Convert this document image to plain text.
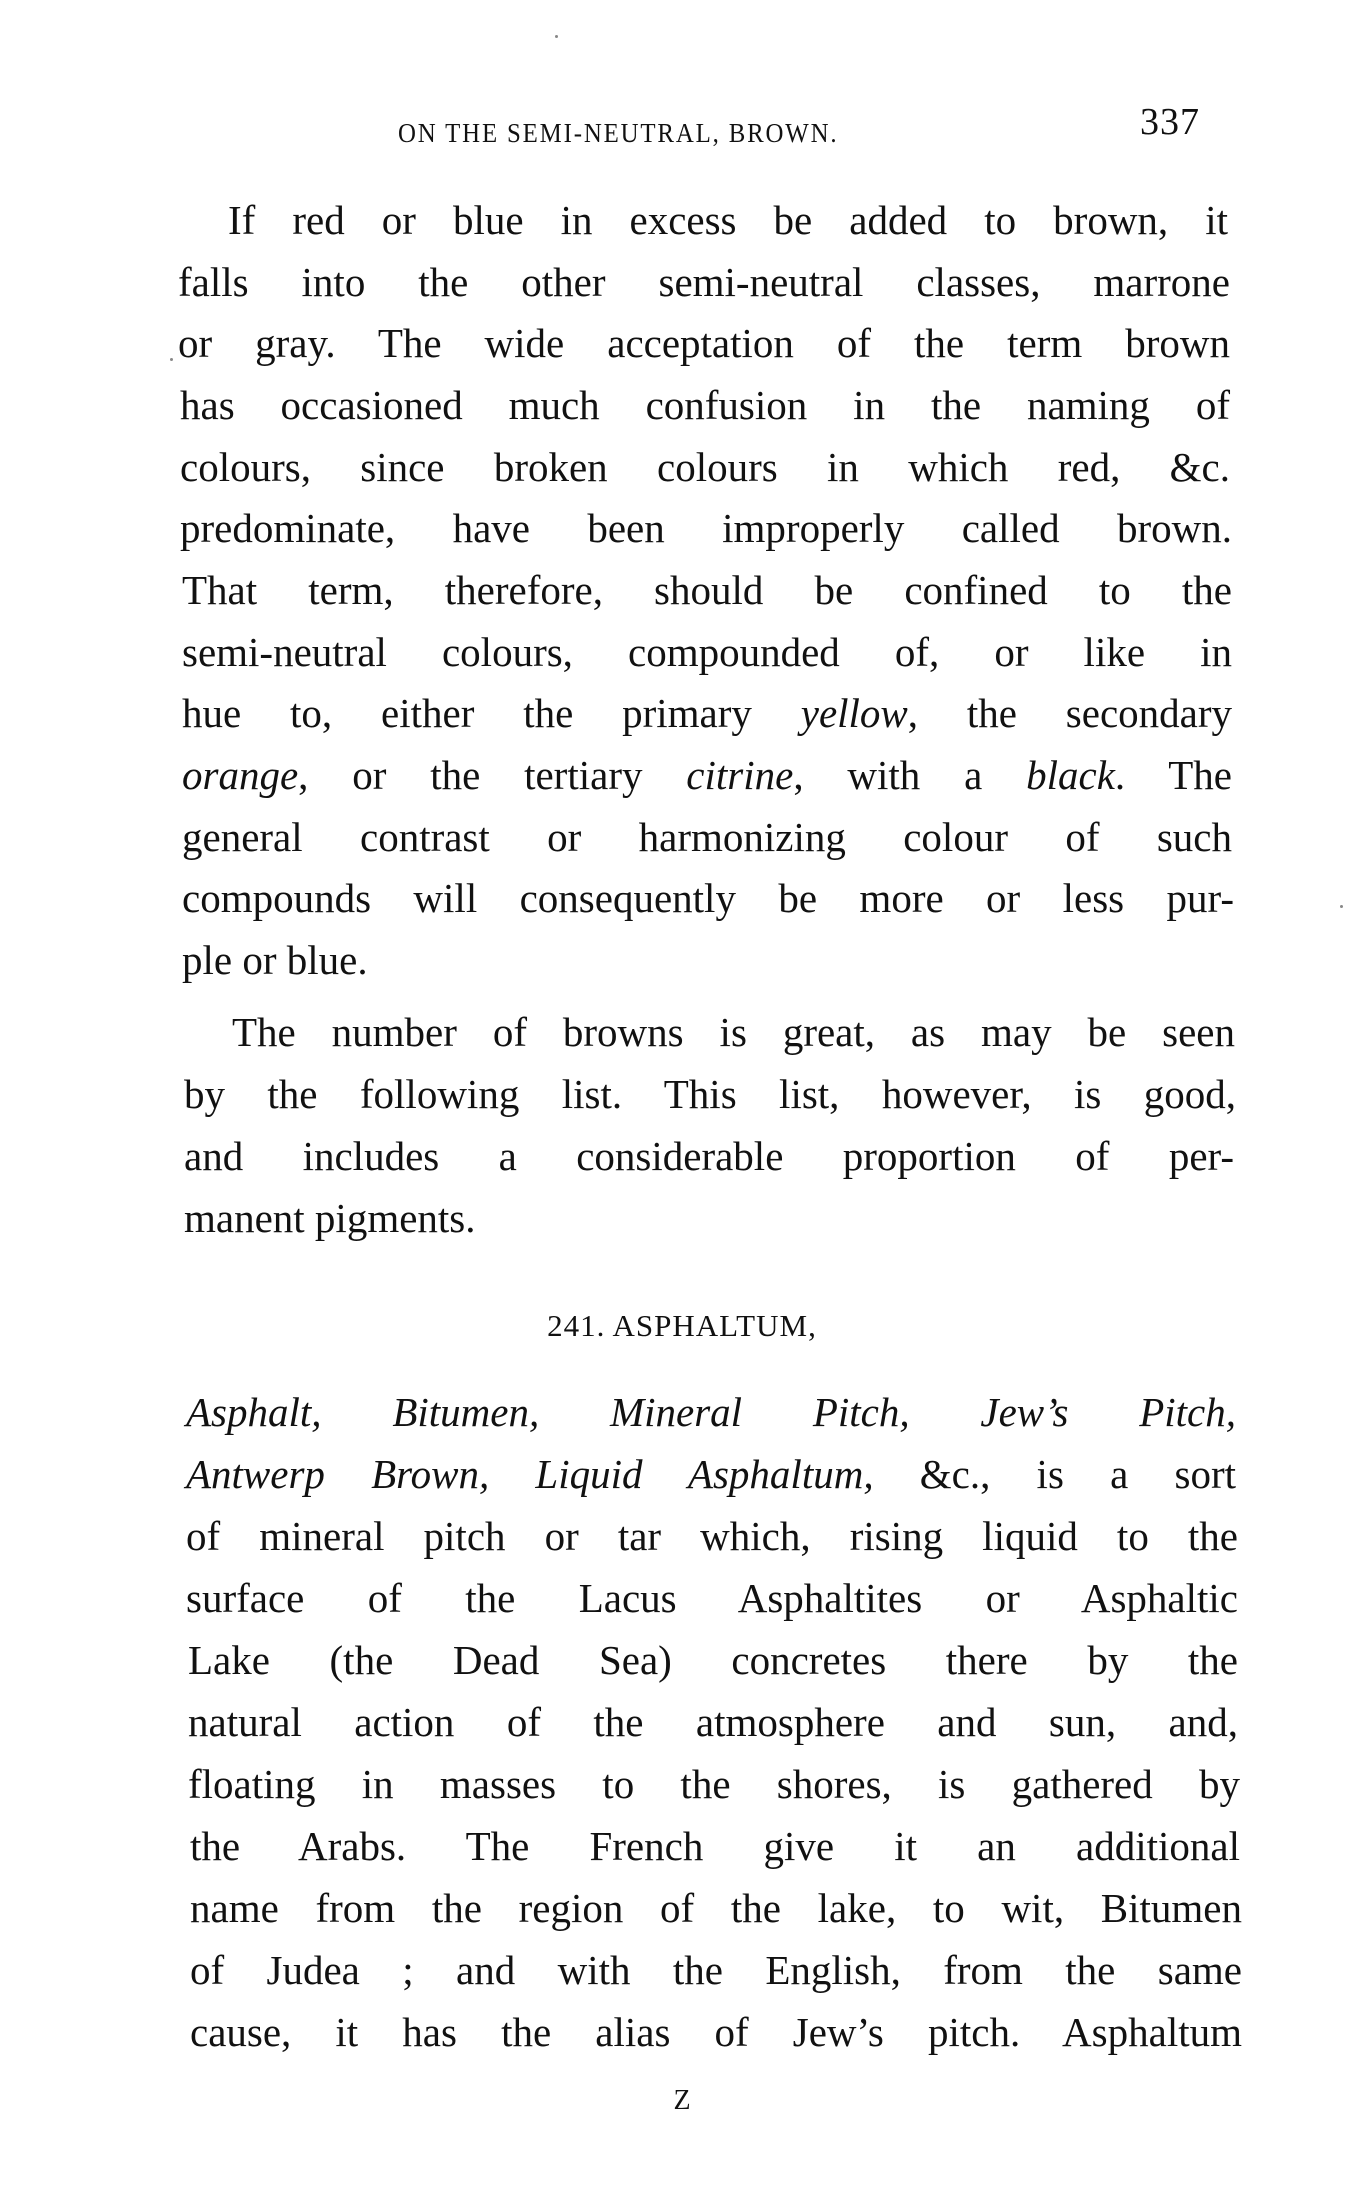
ON THE SEMI-NEUTRAL, BROWN.	337
If red or blue in excess be added to brown, it
falls into the other semi-neutral classes, marrone
or gray. The wide acceptation of the term brown
has occasioned much confusion in the naming of
colours, since broken colours in which red, &c.
predominate, have been improperly called brown.
That term, therefore, should be confined to the
semi-neutral colours, compounded of, or like in
hue to, either the primary yellow, the secondary
orange, or the tertiary citrine, with a black. The
general contrast or harmonizing colour of such
compounds will consequently be more or less pur-
ple or blue.
The number of browns is great, as may be seen
by the following list. This list, however, is good,
and includes a considerable proportion of per-
manent pigments.
241. ASPHALTUM,
Asphalt, Bitumen, Mineral Pitch, Jew’s Pitch,
Antwerp Brown, Liquid Asphaltum, &c., is a sort
of mineral pitch or tar which, rising liquid to the
surface of the Lacus Asphaltites or Asphaltic
Lake (the Dead Sea) concretes there by the
natural action of the atmosphere and sun, and,
floating in masses to the shores, is gathered by
the Arabs. The French give it an additional
name from the region of the lake, to wit, Bitumen
of Judea ; and with the English, from the same
cause, it has the alias of Jew’s pitch. Asphaltum
Z
